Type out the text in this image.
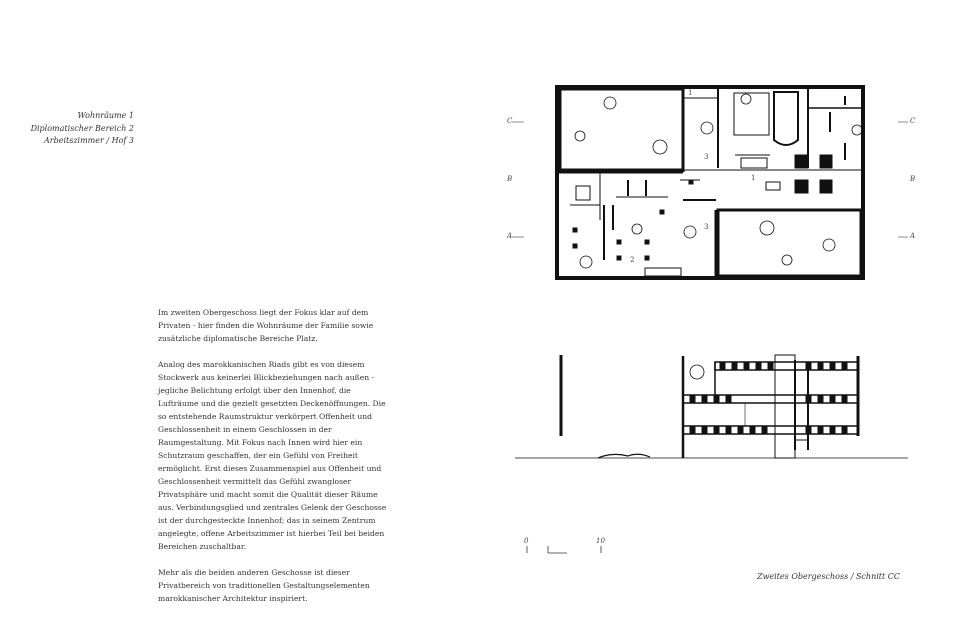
Wohnräume 1
Diplomatischer Bereich 2
Arbeitszimmer / Hof 3

Im zweiten Obergeschoss liegt der Fokus klar auf dem Privaten - hier finden die Wohnräume der Familie sowie zusätzliche diplomatische Bereiche Platz.

Analog des marokkanischen Riads gibt es von diesem Stockwerk aus keinerlei Blickbeziehungen nach außen - jegliche Belichtung erfolgt über den Innenhof, die Lufträume und die gezielt gesetzten Deckenöffnungen. Die so entstehende Raumstruktur verkörpert Offenheit und Geschlossenheit in einem Geschlossen in der Raumgestaltung. Mit Fokus nach Innen wird hier ein Schutzraum geschaffen, der ein Gefühl von Freiheit ermöglicht. Erst dieses Zusammenspiel aus Offenheit und Geschlossenheit vermittelt das Gefühl zwangloser Privatsphäre und macht somit die Qualität dieser Räume aus. Verbindungsglied und zentrales Gelenk der Geschosse ist der durchgesteckte Innenhof; das in seinem Zentrum angelegte, offene Arbeitszimmer ist hierbei Teil bei beiden Bereichen zuschaltbar.

Mehr als die beiden anderen Geschosse ist dieser Privatbereich von traditionellen Gestaltungselementen marokkanischer Architektur inspiriert.

1
1
2
3
3
C
B
A
C
B
A
0	10
Zweites Obergeschoss / Schnitt CC
